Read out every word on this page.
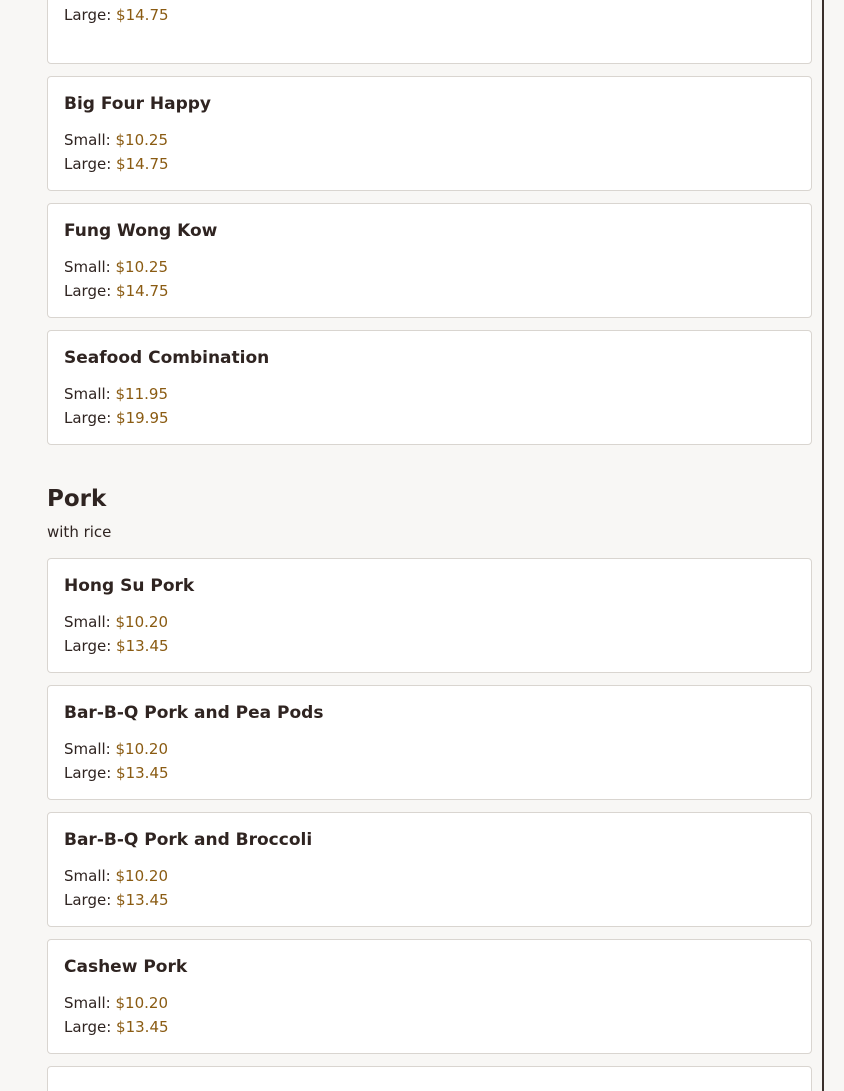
Large: $14.75
Big Four Happy
Small: $10.25
Large: $14.75
Fung Wong Kow
Small: $10.25
Large: $14.75
Seafood Combination
Small: $11.95
Large: $19.95
Pork
with rice
Hong Su Pork
Small: $10.20
Large: $13.45
Bar-B-Q Pork and Pea Pods
Small: $10.20
Large: $13.45
Bar-B-Q Pork and Broccoli
Small: $10.20
Large: $13.45
Cashew Pork
Small: $10.20
Large: $13.45
